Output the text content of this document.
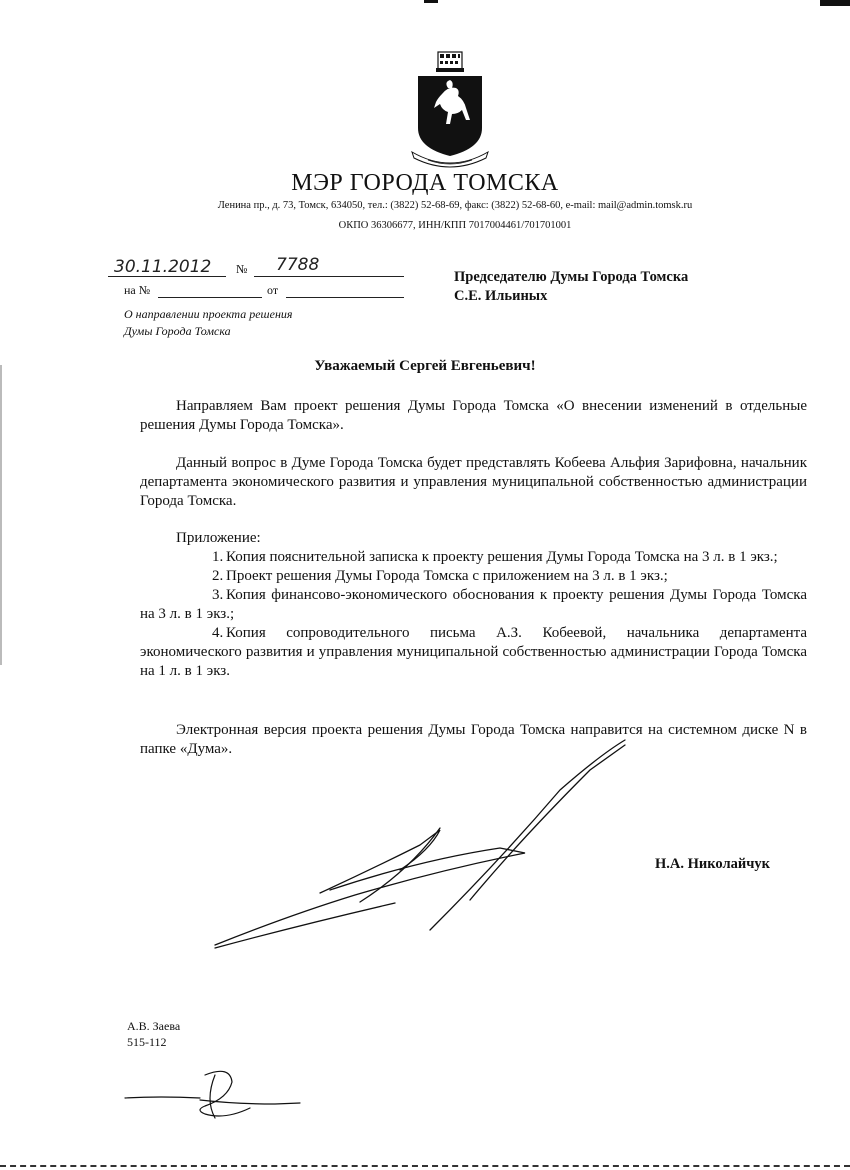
МЭР ГОРОДА ТОМСКА
Ленина пр., д. 73, Томск, 634050, тел.: (3822) 52-68-69, факс: (3822) 52-68-60, e-mail: mail@admin.tomsk.ru
ОКПО 36306677, ИНН/КПП 7017004461/701701001
30.11.2012 № 7788
на №	от
О направлении проекта решения
Думы Города Томска
Председателю Думы Города Томска
С.Е. Ильиных
Уважаемый Сергей Евгеньевич!

Направляем Вам проект решения Думы Города Томска «О внесении изменений в отдельные решения Думы Города Томска».

Данный вопрос в Думе Города Томска будет представлять Кобеева Альфия Зарифовна, начальник департамента экономического развития и управления муниципальной собственностью администрации Города Томска.

Приложение:

1. Копия пояснительной записка к проекту решения Думы Города Томска на 3 л. в 1 экз.;

2. Проект решения Думы Города Томска с приложением на 3 л. в 1 экз.;

3. Копия финансово-экономического обоснования к проекту решения Думы Города Томска на 3 л. в 1 экз.;

4. Копия сопроводительного письма А.З. Кобеевой, начальника департамента экономического развития и управления муниципальной собственностью администрации Города Томска на 1 л. в 1 экз.

Электронная версия проекта решения Думы Города Томска направится на системном диске N в папке «Дума».

Н.А. Николайчук
А.В. Заева
515-112
